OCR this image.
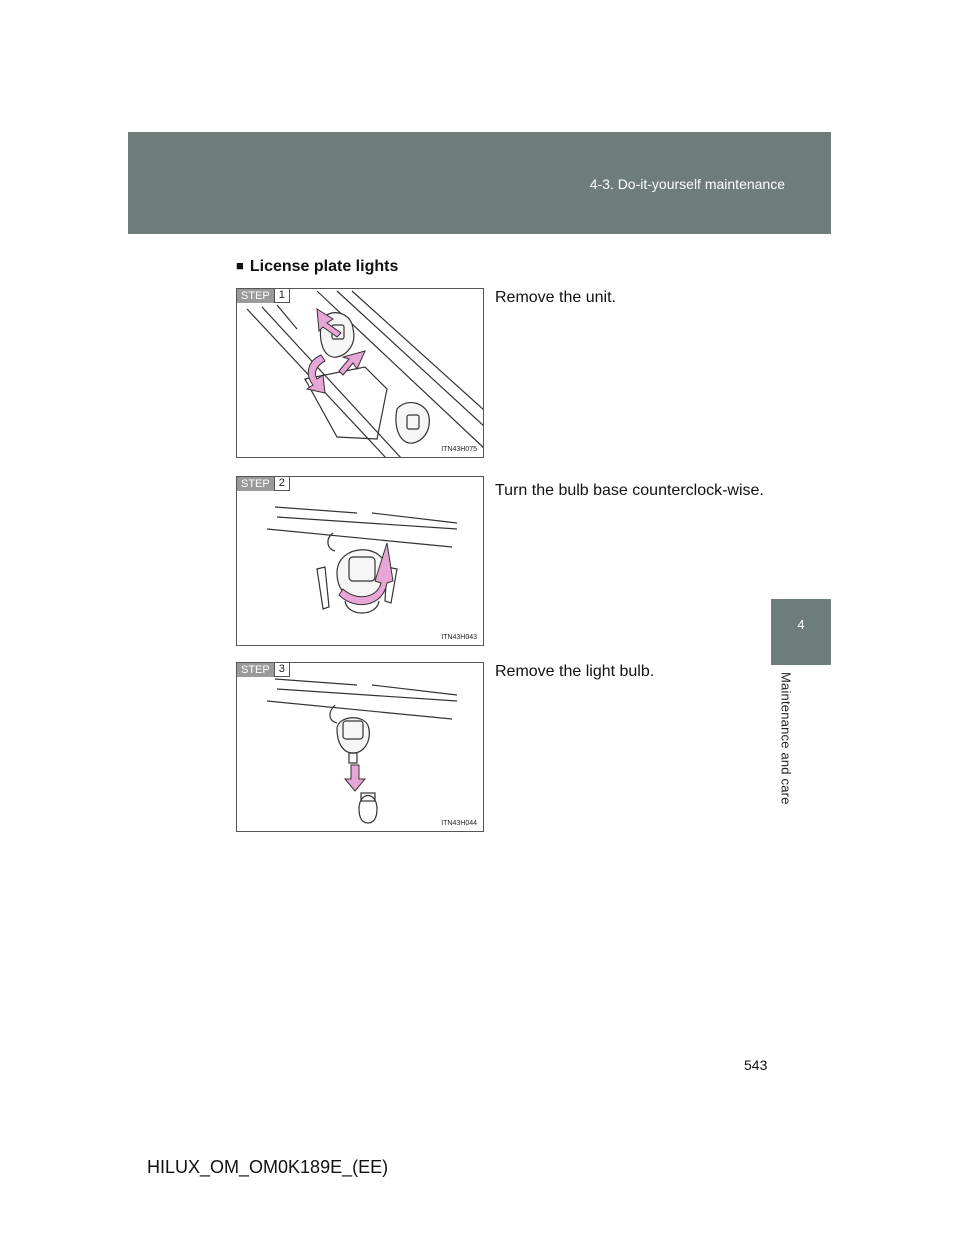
4-3. Do-it-yourself maintenance
4
Maintenance and care
■ License plate lights
STEP 1
ITN43H075
Remove the unit.
STEP 2
ITN43H043
Turn the bulb base counterclock-wise.
STEP 3
ITN43H044
Remove the light bulb.
543
HILUX_OM_OM0K189E_(EE)
